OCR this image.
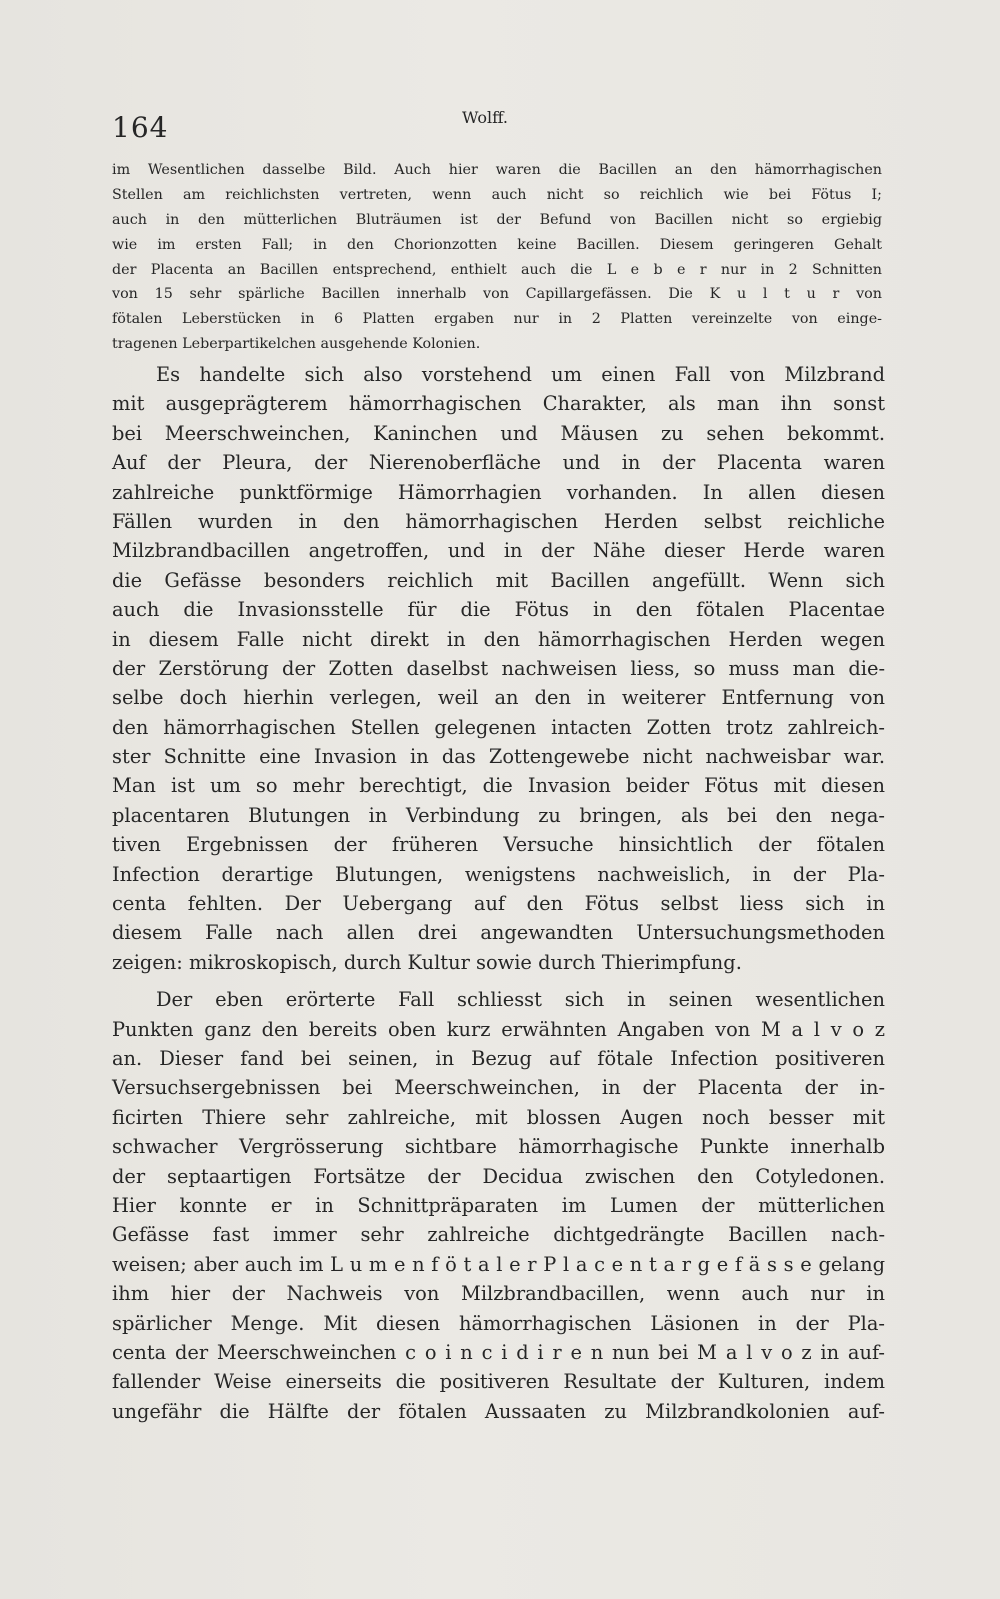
164	Wolff.
im Wesentlichen dasselbe Bild. Auch hier waren die Bacillen an den hämorrhagischen
Stellen am reichlichsten vertreten, wenn auch nicht so reichlich wie bei Fötus I;
auch in den mütterlichen Bluträumen ist der Befund von Bacillen nicht so ergiebig
wie im ersten Fall; in den Chorionzotten keine Bacillen. Diesem geringeren Gehalt
der Placenta an Bacillen entsprechend, enthielt auch die L e b e r nur in 2 Schnitten
von 15 sehr spärliche Bacillen innerhalb von Capillargefässen. Die K u l t u r von
fötalen Leberstücken in 6 Platten ergaben nur in 2 Platten vereinzelte von einge-
tragenen Leberpartikelchen ausgehende Kolonien.
Es handelte sich also vorstehend um einen Fall von Milzbrand
mit ausgeprägterem hämorrhagischen Charakter, als man ihn sonst
bei Meerschweinchen, Kaninchen und Mäusen zu sehen bekommt.
Auf der Pleura, der Nierenoberfläche und in der Placenta waren
zahlreiche punktförmige Hämorrhagien vorhanden. In allen diesen
Fällen wurden in den hämorrhagischen Herden selbst reichliche
Milzbrandbacillen angetroffen, und in der Nähe dieser Herde waren
die Gefässe besonders reichlich mit Bacillen angefüllt. Wenn sich
auch die Invasionsstelle für die Fötus in den fötalen Placentae
in diesem Falle nicht direkt in den hämorrhagischen Herden wegen
der Zerstörung der Zotten daselbst nachweisen liess, so muss man die-
selbe doch hierhin verlegen, weil an den in weiterer Entfernung von
den hämorrhagischen Stellen gelegenen intacten Zotten trotz zahlreich-
ster Schnitte eine Invasion in das Zottengewebe nicht nachweisbar war.
Man ist um so mehr berechtigt, die Invasion beider Fötus mit diesen
placentaren Blutungen in Verbindung zu bringen, als bei den nega-
tiven Ergebnissen der früheren Versuche hinsichtlich der fötalen
Infection derartige Blutungen, wenigstens nachweislich, in der Pla-
centa fehlten. Der Uebergang auf den Fötus selbst liess sich in
diesem Falle nach allen drei angewandten Untersuchungsmethoden
zeigen: mikroskopisch, durch Kultur sowie durch Thierimpfung.
Der eben erörterte Fall schliesst sich in seinen wesentlichen
Punkten ganz den bereits oben kurz erwähnten Angaben von M a l v o z
an. Dieser fand bei seinen, in Bezug auf fötale Infection positiveren
Versuchsergebnissen bei Meerschweinchen, in der Placenta der in-
ficirten Thiere sehr zahlreiche, mit blossen Augen noch besser mit
schwacher Vergrösserung sichtbare hämorrhagische Punkte innerhalb
der septaartigen Fortsätze der Decidua zwischen den Cotyledonen.
Hier konnte er in Schnittpräparaten im Lumen der mütterlichen
Gefässe fast immer sehr zahlreiche dichtgedrängte Bacillen nach-
weisen; aber auch im L u m e n f ö t a l e r P l a c e n t a r g e f ä s s e gelang
ihm hier der Nachweis von Milzbrandbacillen, wenn auch nur in
spärlicher Menge. Mit diesen hämorrhagischen Läsionen in der Pla-
centa der Meerschweinchen c o i n c i d i r e n nun bei M a l v o z in auf-
fallender Weise einerseits die positiveren Resultate der Kulturen, indem
ungefähr die Hälfte der fötalen Aussaaten zu Milzbrandkolonien auf-
